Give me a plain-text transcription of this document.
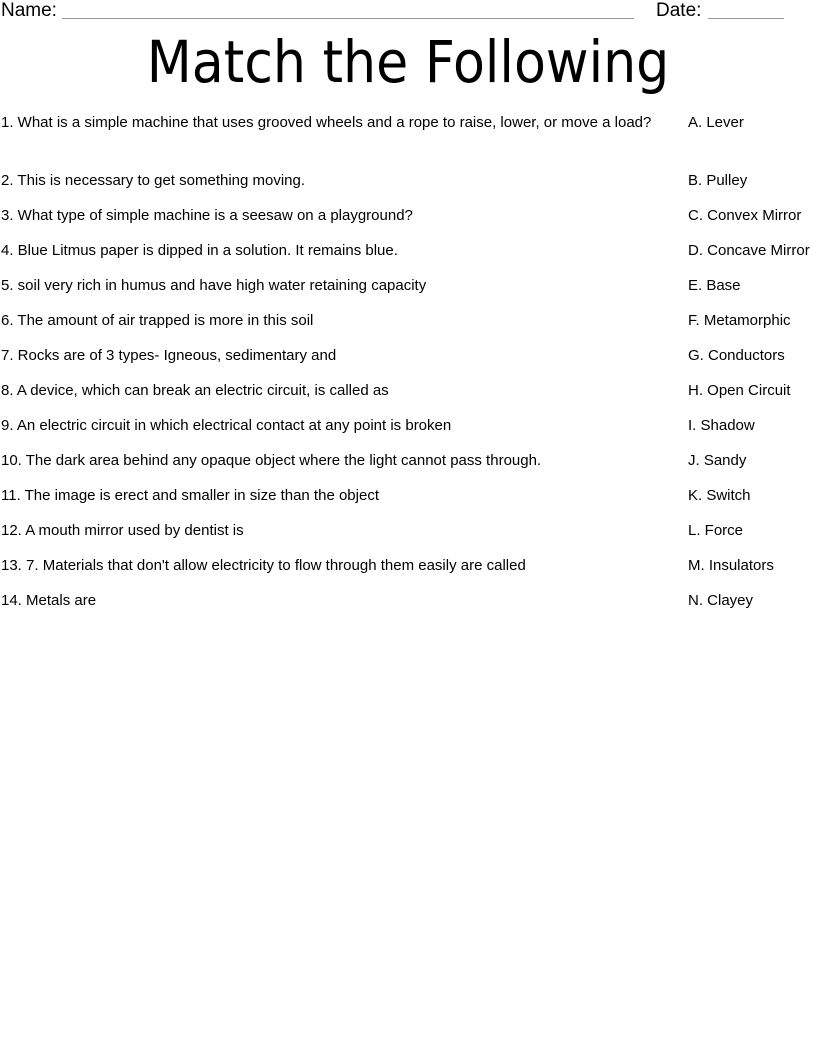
Name:	Date:
Match the Following
1. What is a simple machine that uses grooved wheels and a rope to raise, lower, or move a load?	A. Lever
2. This is necessary to get something moving.	B. Pulley
3. What type of simple machine is a seesaw on a playground?	C. Convex Mirror
4. Blue Litmus paper is dipped in a solution. It remains blue.	D. Concave Mirror
5. soil very rich in humus and have high water retaining capacity	E. Base
6. The amount of air trapped is more in this soil	F. Metamorphic
7. Rocks are of 3 types- Igneous, sedimentary and	G. Conductors
8. A device, which can break an electric circuit, is called as	H. Open Circuit
9. An electric circuit in which electrical contact at any point is broken	I. Shadow
10. The dark area behind any opaque object where the light cannot pass through.	J. Sandy
11. The image is erect and smaller in size than the object	K. Switch
12. A mouth mirror used by dentist is	L. Force
13. 7. Materials that don't allow electricity to flow through them easily are called	M. Insulators
14. Metals are	N. Clayey
